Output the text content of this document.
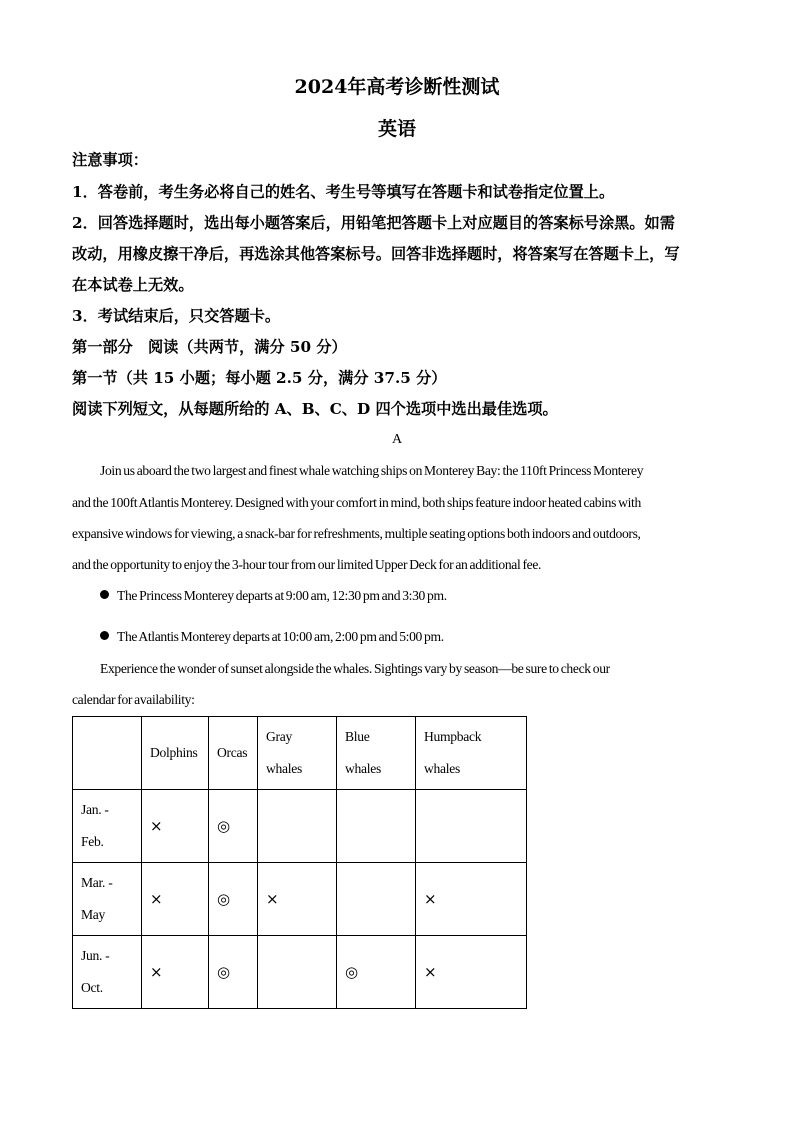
2024年高考诊断性测试
英语
注意事项：
1．答卷前，考生务必将自己的姓名、考生号等填写在答题卡和试卷指定位置上。
2．回答选择题时，选出每小题答案后，用铅笔把答题卡上对应题目的答案标号涂黑。如需
改动，用橡皮擦干净后，再选涂其他答案标号。回答非选择题时，将答案写在答题卡上，写
在本试卷上无效。
3．考试结束后，只交答题卡。
第一部分　阅读（共两节，满分 50 分）
第一节（共 15 小题；每小题 2.5 分，满分 37.5 分）
阅读下列短文，从每题所给的 A、B、C、D 四个选项中选出最佳选项。
A
Join us aboard the two largest and finest whale watching ships on Monterey Bay: the 110ft Princess Monterey
and the 100ft Atlantis Monterey. Designed with your comfort in mind, both ships feature indoor heated cabins with
expansive windows for viewing, a snack-bar for refreshments, multiple seating options both indoors and outdoors,
and the opportunity to enjoy the 3-hour tour from our limited Upper Deck for an additional fee.
The Princess Monterey departs at 9:00 am, 12:30 pm and 3:30 pm.
The Atlantis Monterey departs at 10:00 am, 2:00 pm and 5:00 pm.
Experience the wonder of sunset alongside the whales. Sightings vary by season—be sure to check our
calendar for availability:
	Dolphins	Orcas	Gray whales	Blue whales	Humpback whales
Jan. - Feb.	×	◎			
Mar. - May	×	◎	×		×
Jun. - Oct.	×	◎		◎	×
